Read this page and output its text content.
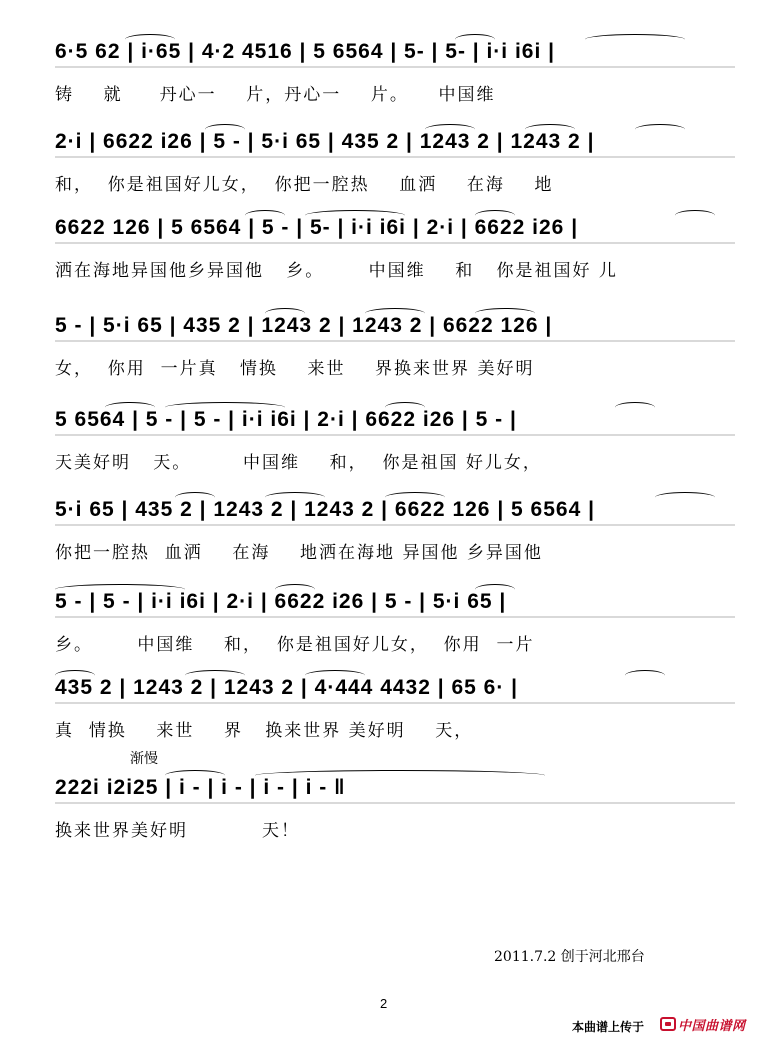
6·5 62 | i·65 | 4·2 4516 | 5 6564 | 5- | 5- | i·i i6i |
铸    就     丹心一    片，丹心一    片。    中国维
2·i | 6622 i26 | 5 - | 5·i 65 | 435 2 | 1243 2 | 1243 2 |
和，  你是祖国好儿女，  你把一腔热    血洒    在海    地
6622 126 | 5 6564 | 5 - | 5- | i·i i6i | 2·i | 6622 i26 |
洒在海地异国他乡异国他   乡。      中国维    和   你是祖国好 儿
5 - | 5·i 65 | 435 2 | 1243 2 | 1243 2 | 6622 126 |
女，  你用  一片真   情换    来世    界换来世界 美好明
5 6564 | 5 - | 5 - | i·i i6i | 2·i | 6622 i26 | 5 - |
天美好明   天。       中国维    和，  你是祖国 好儿女，
5·i 65 | 435 2 | 1243 2 | 1243 2 | 6622 126 | 5 6564 |
你把一腔热  血洒    在海    地洒在海地 异国他 乡异国他
5 - | 5 - | i·i i6i | 2·i | 6622 i26 | 5 - | 5·i 65 |
乡。      中国维    和，  你是祖国好儿女，  你用  一片
435 2 | 1243 2 | 1243 2 | 4·444 4432 | 65 6· |
真  情换    来世    界   换来世界 美好明    天，
渐慢
222i i2i25 | i - | i - | i - | i - ‖
换来世界美好明          天！
2011.7.2 创于河北邢台
2
本曲谱上传于	中国曲谱网
